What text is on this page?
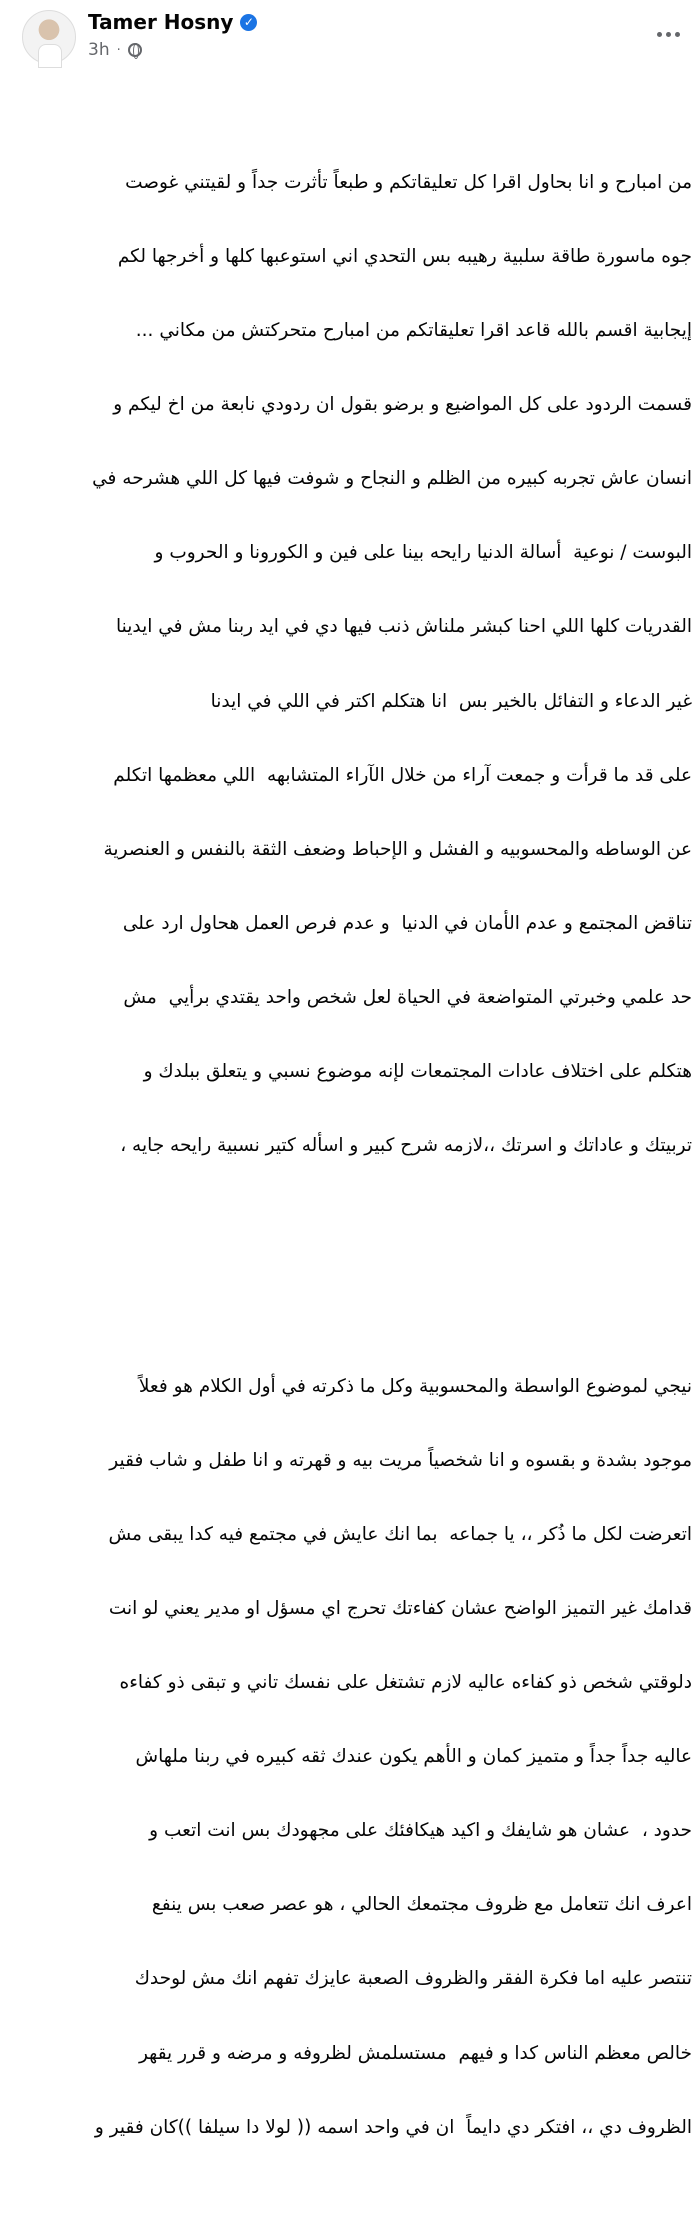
Tamer Hosny ✓
3h ·

من امبارح و انا بحاول اقرا كل تعليقاتكم و طبعاً تأثرت جداً و لقيتني غوصت

جوه ماسورة طاقة سلبية رهيبه بس التحدي اني استوعبها كلها و أخرجها لكم

إيجابية اقسم بالله قاعد اقرا تعليقاتكم من امبارح متحركتش من مكاني ...

قسمت الردود على كل المواضيع و برضو بقول ان ردودي نابعة من اخ ليكم و

انسان عاش تجربه كبيره من الظلم و النجاح و شوفت فيها كل اللي هشرحه في

البوست / نوعية  أسالة الدنيا رايحه بينا على فين و الكورونا و الحروب و

القدريات كلها اللي احنا كبشر ملناش ذنب فيها دي في ايد ربنا مش في ايدينا

غير الدعاء و التفائل بالخير بس  انا هتكلم اكتر في اللي في ايدنا

على قد ما قرأت و جمعت آراء من خلال الآراء المتشابهه  اللي معظمها اتكلم

عن الوساطه والمحسوبيه و الفشل و الإحباط وضعف الثقة بالنفس و العنصرية

تناقض المجتمع و عدم الأمان في الدنيا  و عدم فرص العمل هحاول ارد على

حد علمي وخبرتي المتواضعة في الحياة لعل شخص واحد يقتدي برأيي  مش

هتكلم على اختلاف عادات المجتمعات لإنه موضوع نسبي و يتعلق ببلدك و

تربيتك و عاداتك و اسرتك ،،لازمه شرح كبير و اسأله كتير نسبية رايحه جايه ،

نيجي لموضوع الواسطة والمحسوبية وكل ما ذكرته في أول الكلام هو فعلاً

موجود بشدة و بقسوه و انا شخصياً مريت بيه و قهرته و انا طفل و شاب فقير

اتعرضت لكل ما ذُكر ،، يا جماعه  بما انك عايش في مجتمع فيه كدا يبقى مش

قدامك غير التميز الواضح عشان كفاءتك تحرج اي مسؤل او مدير يعني لو انت

دلوقتي شخص ذو كفاءه عاليه لازم تشتغل على نفسك تاني و تبقى ذو كفاءه

عاليه جداً جداً و متميز كمان و الأهم يكون عندك ثقه كبيره في ربنا ملهاش

حدود ،  عشان هو شايفك و اكيد هيكافئك على مجهودك بس انت اتعب و

اعرف انك تتعامل مع ظروف مجتمعك الحالي ، هو عصر صعب بس ينفع

تنتصر عليه اما فكرة الفقر والظروف الصعبة عايزك تفهم انك مش لوحدك

خالص معظم الناس كدا و فيهم  مستسلمش لظروفه و مرضه و قرر يقهر

الظروف دي ،، افتكر دي دايماً  ان في واحد اسمه (( لولا دا سيلفا ))كان فقير و
